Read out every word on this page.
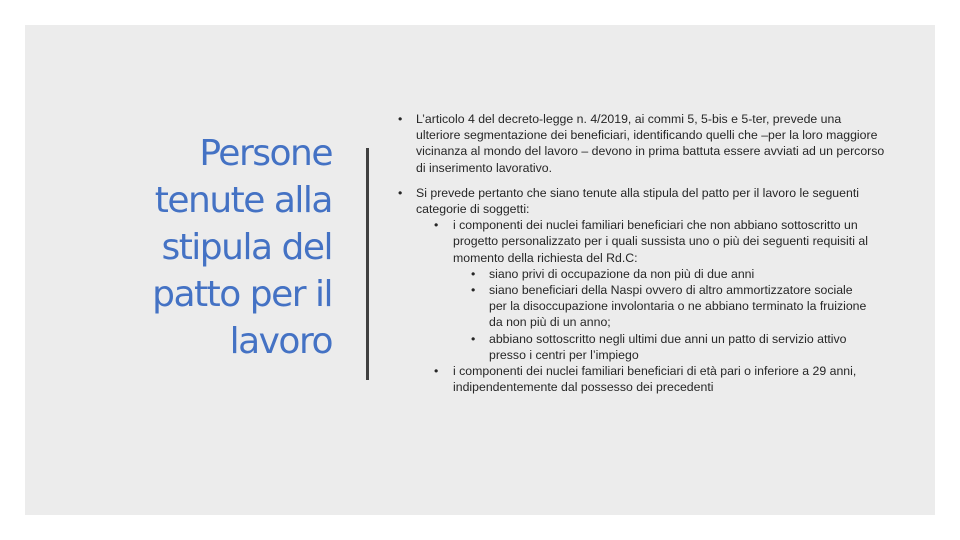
Persone
tenute alla
stipula del
patto per il
lavoro
• L’articolo 4 del decreto-legge n. 4/2019, ai commi 5, 5-bis e 5-ter, prevede una ulteriore segmentazione dei beneficiari, identificando quelli che –per la loro maggiore vicinanza al mondo del lavoro – devono in prima battuta essere avviati ad un percorso di inserimento lavorativo.
• Si prevede pertanto che siano tenute alla stipula del patto per il lavoro le seguenti categorie di soggetti:
• i componenti dei nuclei familiari beneficiari che non abbiano sottoscritto un progetto personalizzato per i quali sussista uno o più dei seguenti requisiti al momento della richiesta del Rd.C:
• siano privi di occupazione da non più di due anni
• siano beneficiari della Naspi ovvero di altro ammortizzatore sociale per la disoccupazione involontaria o ne abbiano terminato la fruizione da non più di un anno;
• abbiano sottoscritto negli ultimi due anni un patto di servizio attivo presso i centri per l’impiego
• i componenti dei nuclei familiari beneficiari di età pari o inferiore a 29 anni, indipendentemente dal possesso dei precedenti
